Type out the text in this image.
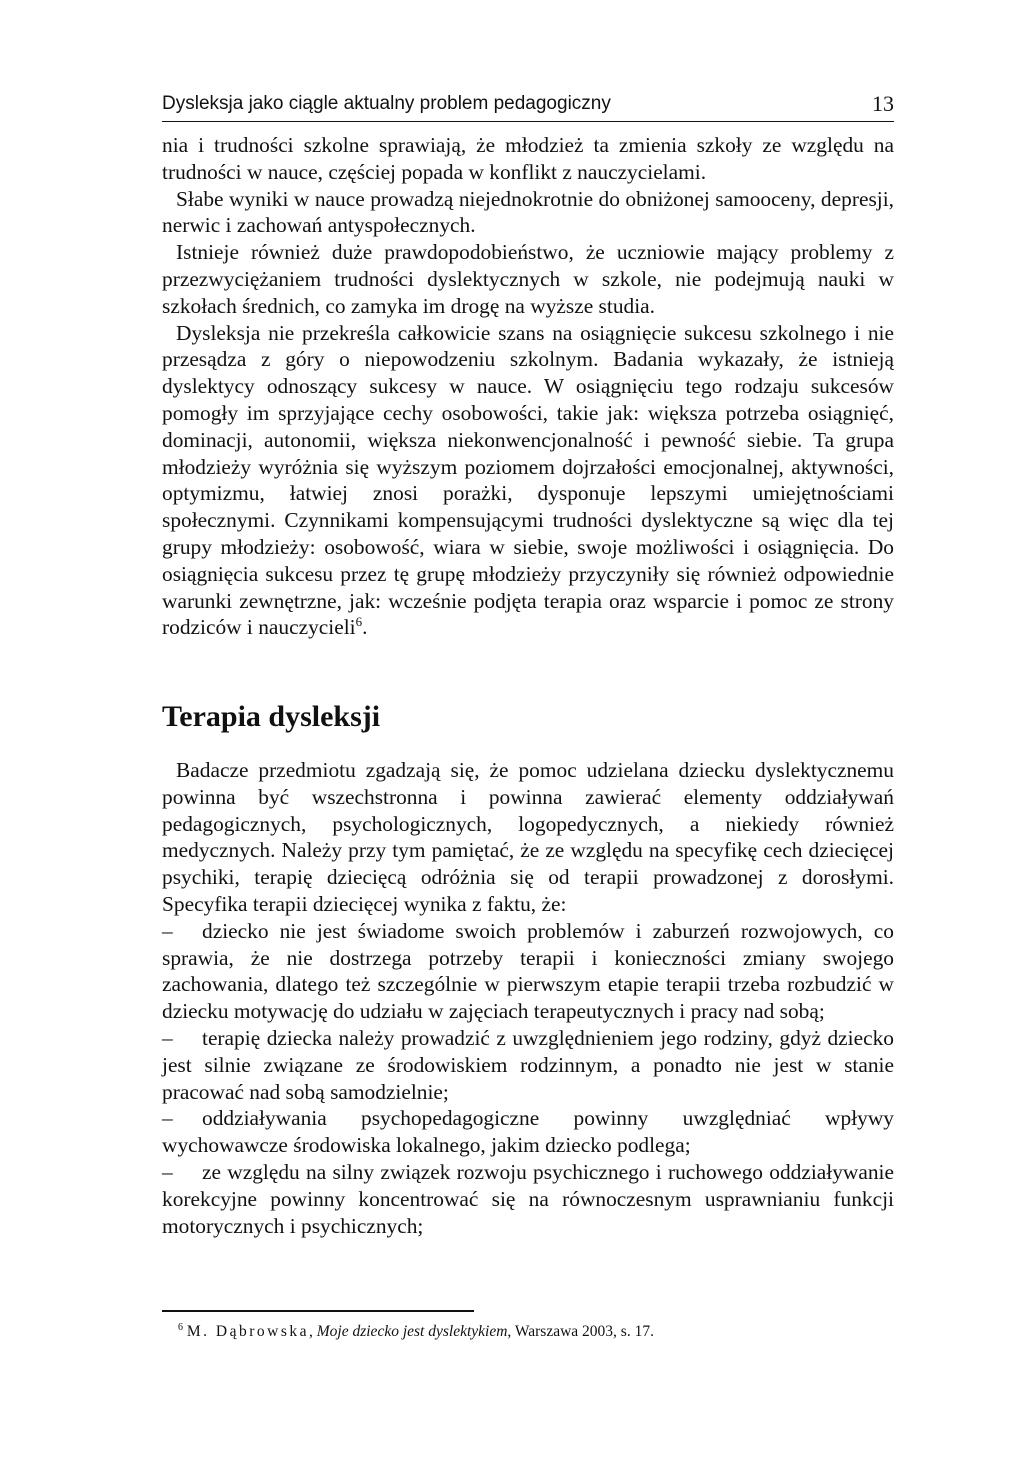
Dysleksja jako ciągle aktualny problem pedagogiczny	13

nia i trudności szkolne sprawiają, że młodzież ta zmienia szkoły ze względu na trudności w nauce, częściej popada w konflikt z nauczycielami.

Słabe wyniki w nauce prowadzą niejednokrotnie do obniżonej samooceny, depresji, nerwic i zachowań antyspołecznych.

Istnieje również duże prawdopodobieństwo, że uczniowie mający problemy z przezwyciężaniem trudności dyslektycznych w szkole, nie podejmują nauki w szkołach średnich, co zamyka im drogę na wyższe studia.

Dysleksja nie przekreśla całkowicie szans na osiągnięcie sukcesu szkolnego i nie przesądza z góry o niepowodzeniu szkolnym. Badania wykazały, że istnieją dyslektycy odnoszący sukcesy w nauce. W osiągnięciu tego rodzaju sukcesów pomogły im sprzyjające cechy osobowości, takie jak: większa potrzeba osiągnięć, dominacji, autonomii, większa niekonwencjonalność i pewność siebie. Ta grupa młodzieży wyróżnia się wyższym poziomem dojrzałości emocjonalnej, aktywności, optymizmu, łatwiej znosi porażki, dysponuje lepszymi umiejętnościami społecznymi. Czynnikami kompensującymi trudności dyslektyczne są więc dla tej grupy młodzieży: osobowość, wiara w siebie, swoje możliwości i osiągnięcia. Do osiągnięcia sukcesu przez tę grupę młodzieży przyczyniły się również odpowiednie warunki zewnętrzne, jak: wcześnie podjęta terapia oraz wsparcie i pomoc ze strony rodziców i nauczycieli$^6$.

Terapia dysleksji

Badacze przedmiotu zgadzają się, że pomoc udzielana dziecku dyslektycznemu powinna być wszechstronna i powinna zawierać elementy oddziaływań pedagogicznych, psychologicznych, logopedycznych, a niekiedy również medycznych. Należy przy tym pamiętać, że ze względu na specyfikę cech dziecięcej psychiki, terapię dziecięcą odróżnia się od terapii prowadzonej z dorosłymi. Specyfika terapii dziecięcej wynika z faktu, że:

– dziecko nie jest świadome swoich problemów i zaburzeń rozwojowych, co sprawia, że nie dostrzega potrzeby terapii i konieczności zmiany swojego zachowania, dlatego też szczególnie w pierwszym etapie terapii trzeba rozbudzić w dziecku motywację do udziału w zajęciach terapeutycznych i pracy nad sobą;

– terapię dziecka należy prowadzić z uwzględnieniem jego rodziny, gdyż dziecko jest silnie związane ze środowiskiem rodzinnym, a ponadto nie jest w stanie pracować nad sobą samodzielnie;

– oddziaływania psychopedagogiczne powinny uwzględniać wpływy wychowawcze środowiska lokalnego, jakim dziecko podlega;

– ze względu na silny związek rozwoju psychicznego i ruchowego oddziaływanie korekcyjne powinny koncentrować się na równoczesnym usprawnianiu funkcji motorycznych i psychicznych;

$^6$ M. Dąbrowska, Moje dziecko jest dyslektykiem, Warszawa 2003, s. 17.
